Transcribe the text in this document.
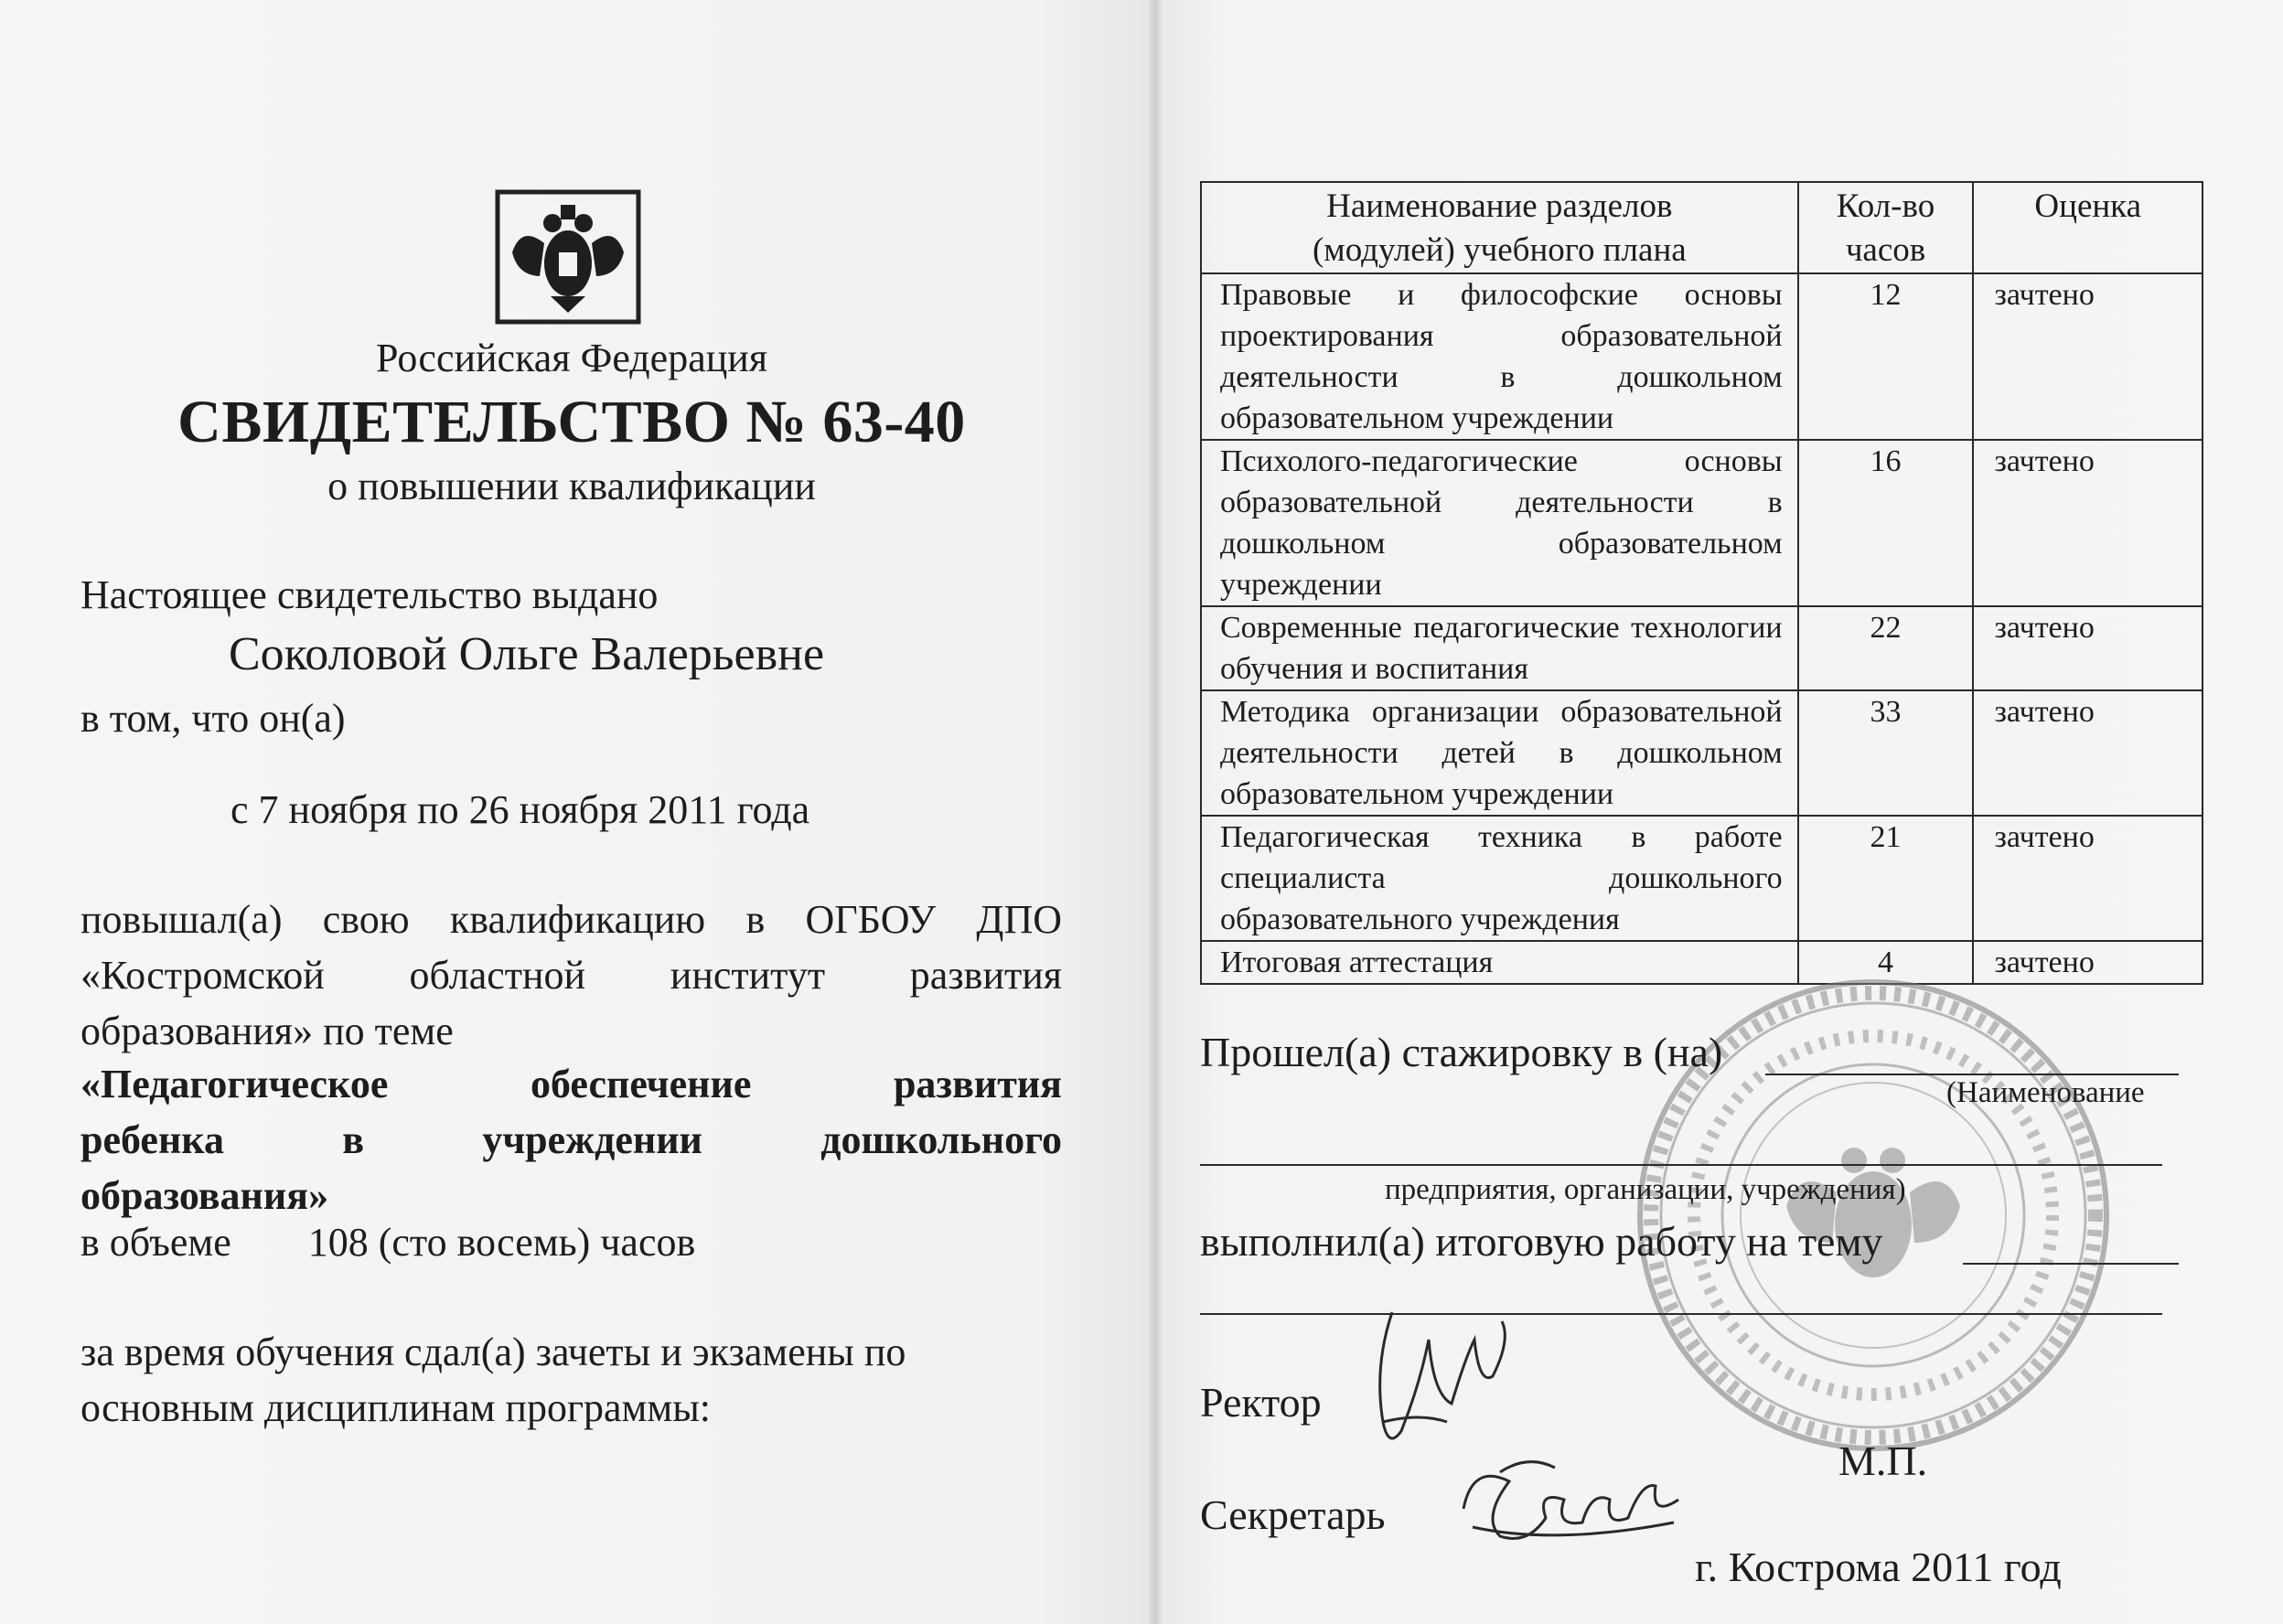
Российская Федерация
СВИДЕТЕЛЬСТВО № 63-40
о повышении квалификации
Настоящее свидетельство выдано
Соколовой Ольге Валерьевне
в том, что он(а)
с 7 ноября по 26 ноября 2011 года
повышал(а) свою квалификацию в ОГБОУ ДПО
«Костромской областной институт развития
образования» по теме
«Педагогическое обеспечение развития
ребенка в учреждении дошкольного
образования»
в объеме 108 (сто восемь) часов
за время обучения сдал(а) зачеты и экзамены по основным дисциплинам программы:
Наименование разделов (модулей) учебного плана	Кол-во часов	Оценка
Правовые и философские основы проектирования образовательной деятельности в дошкольном образовательном учреждении	12	зачтено
Психолого-педагогические основы образовательной деятельности в дошкольном образовательном учреждении	16	зачтено
Современные педагогические технологии обучения и воспитания	22	зачтено
Методика организации образовательной деятельности детей в дошкольном образовательном учреждении	33	зачтено
Педагогическая техника в работе специалиста дошкольного образовательного учреждения	21	зачтено
Итоговая аттестация	4	зачтено
Прошел(а) стажировку в (на)
(Наименование
предприятия, организации, учреждения)
выполнил(а) итоговую работу на тему
Ректор
М.П.
Секретарь
г. Кострома 2011 год
